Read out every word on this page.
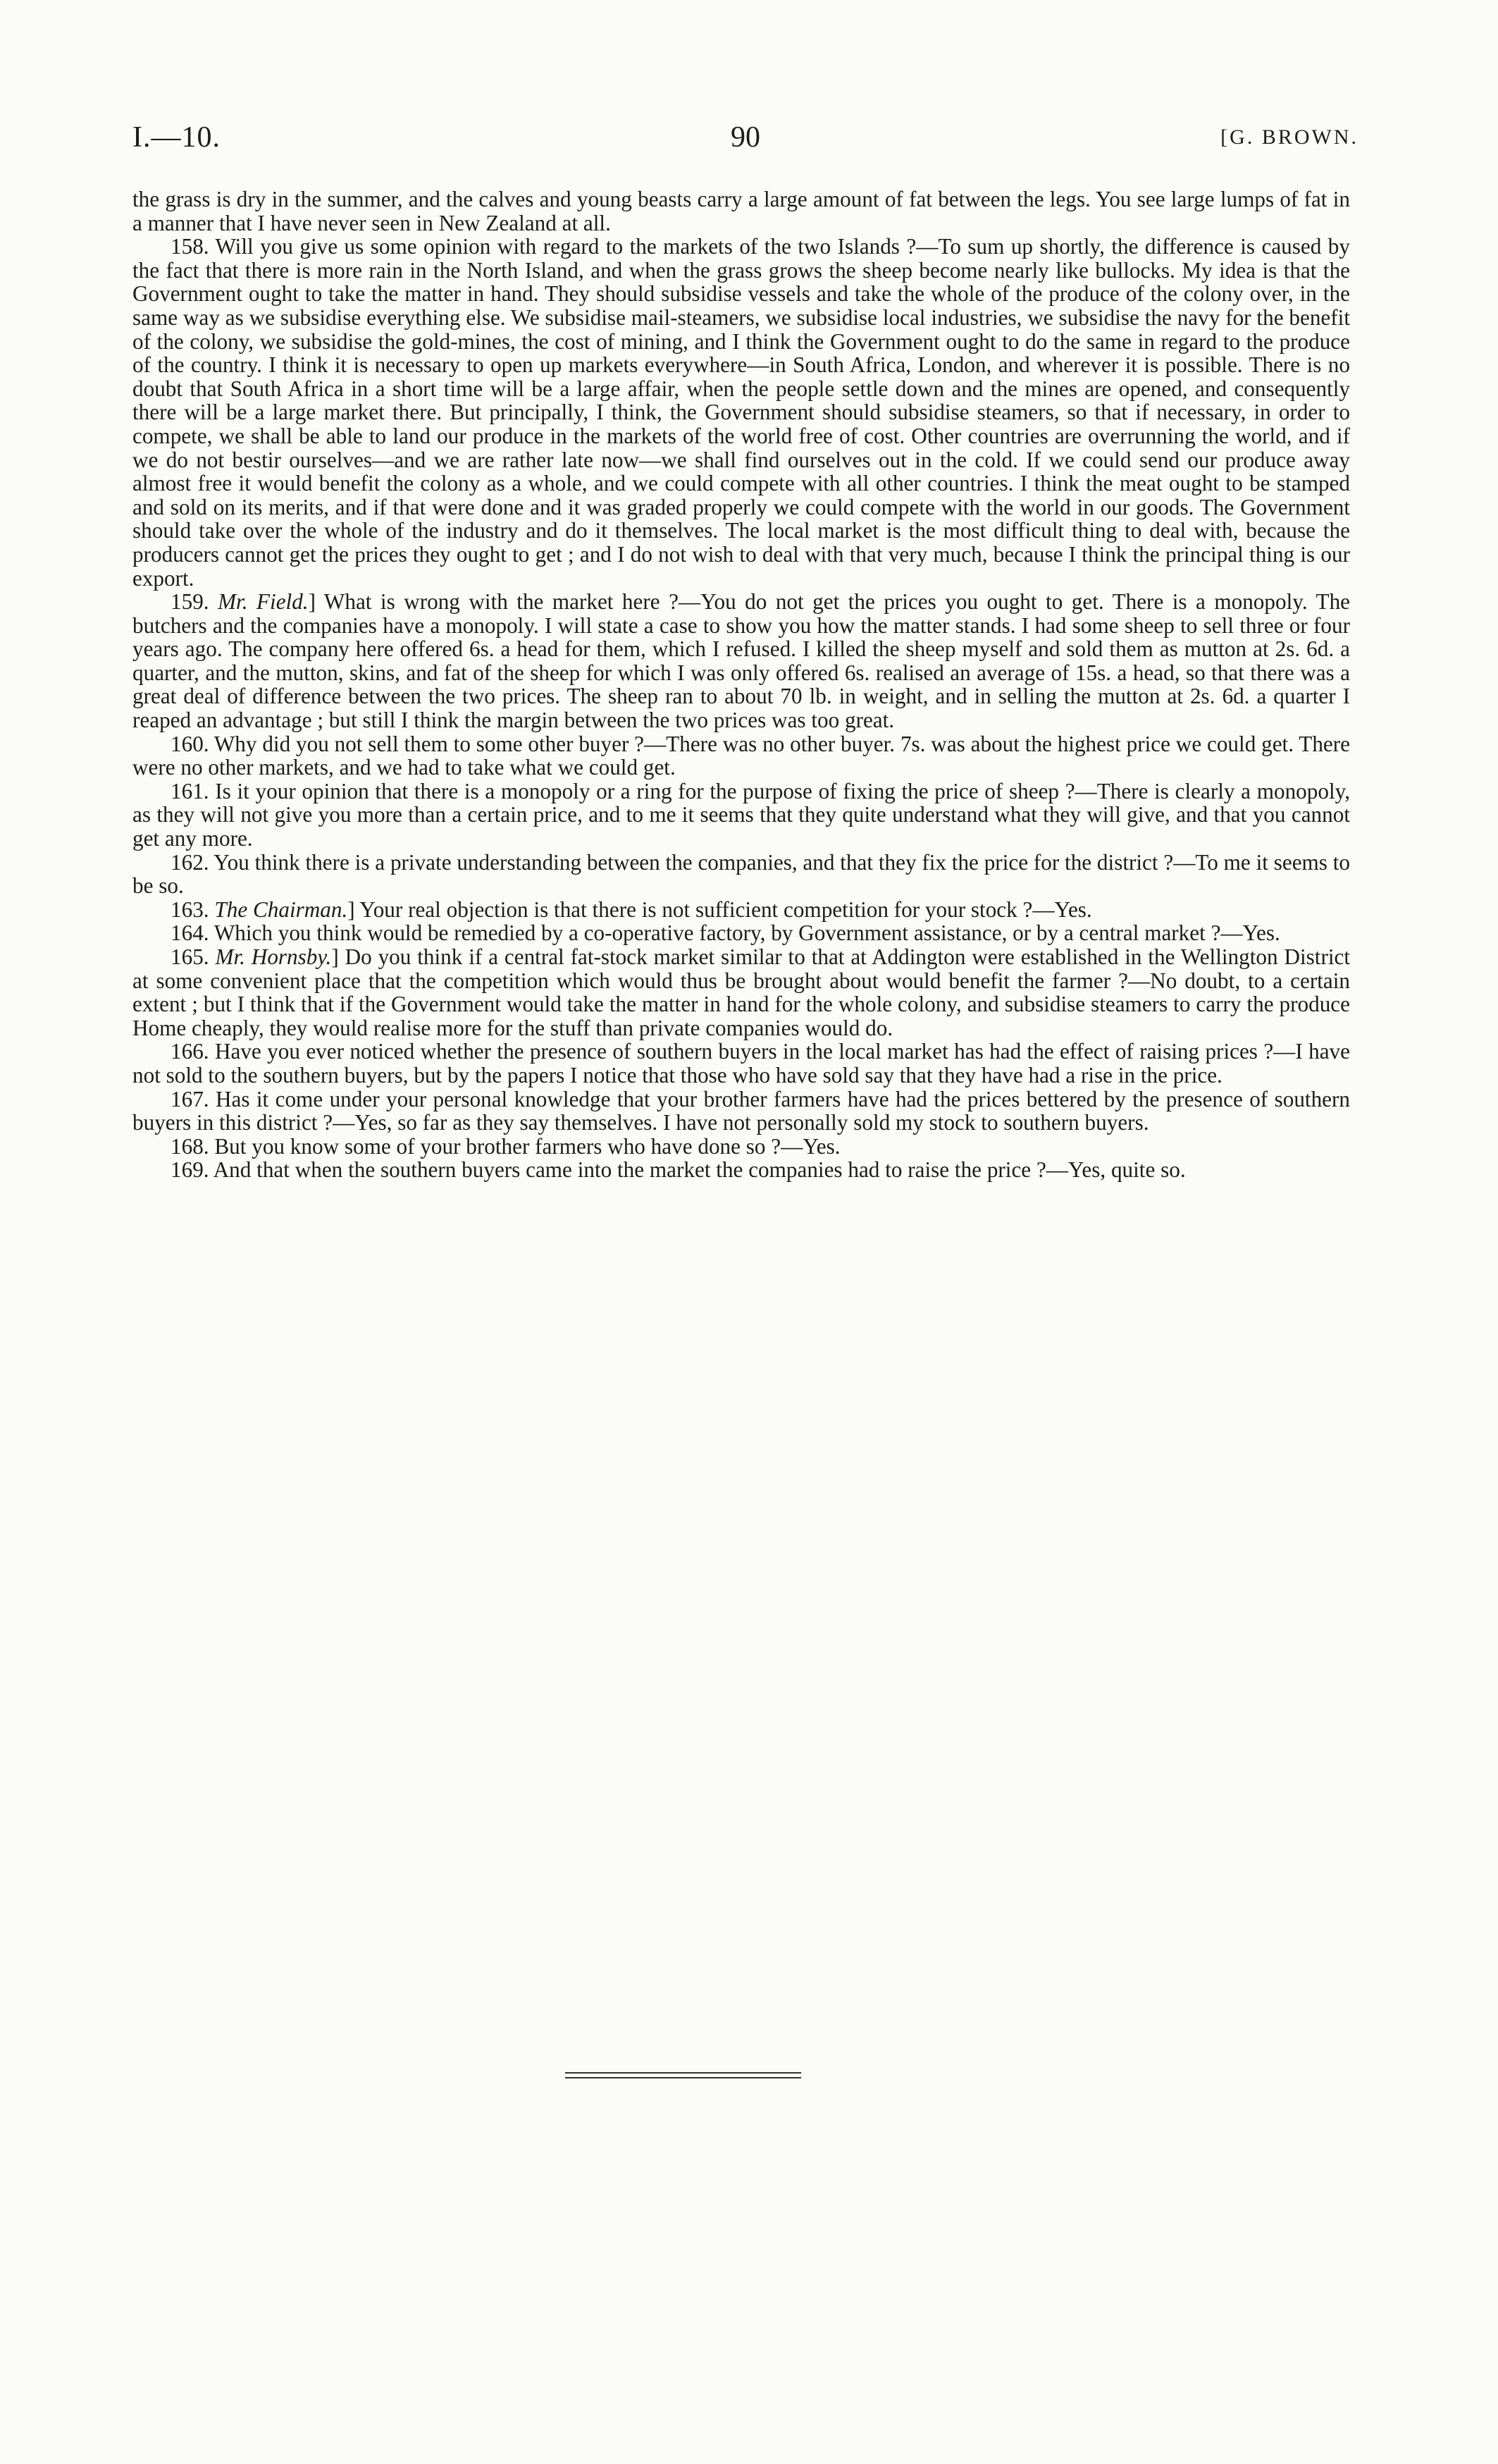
I.—10.	90	[G. BROWN.

the grass is dry in the summer, and the calves and young beasts carry a large amount of fat between the legs. You see large lumps of fat in a manner that I have never seen in New Zealand at all.

158. Will you give us some opinion with regard to the markets of the two Islands ?—To sum up shortly, the difference is caused by the fact that there is more rain in the North Island, and when the grass grows the sheep become nearly like bullocks. My idea is that the Government ought to take the matter in hand. They should subsidise vessels and take the whole of the produce of the colony over, in the same way as we subsidise everything else. We subsidise mail-steamers, we subsidise local industries, we subsidise the navy for the benefit of the colony, we subsidise the gold-mines, the cost of mining, and I think the Government ought to do the same in regard to the produce of the country. I think it is necessary to open up markets everywhere—in South Africa, London, and wherever it is possible. There is no doubt that South Africa in a short time will be a large affair, when the people settle down and the mines are opened, and consequently there will be a large market there. But principally, I think, the Government should subsidise steamers, so that if necessary, in order to compete, we shall be able to land our produce in the markets of the world free of cost. Other countries are overrunning the world, and if we do not bestir ourselves—and we are rather late now—we shall find ourselves out in the cold. If we could send our produce away almost free it would benefit the colony as a whole, and we could compete with all other countries. I think the meat ought to be stamped and sold on its merits, and if that were done and it was graded properly we could compete with the world in our goods. The Government should take over the whole of the industry and do it themselves. The local market is the most difficult thing to deal with, because the producers cannot get the prices they ought to get ; and I do not wish to deal with that very much, because I think the principal thing is our export.

159. Mr. Field.] What is wrong with the market here ?—You do not get the prices you ought to get. There is a monopoly. The butchers and the companies have a monopoly. I will state a case to show you how the matter stands. I had some sheep to sell three or four years ago. The company here offered 6s. a head for them, which I refused. I killed the sheep myself and sold them as mutton at 2s. 6d. a quarter, and the mutton, skins, and fat of the sheep for which I was only offered 6s. realised an average of 15s. a head, so that there was a great deal of difference between the two prices. The sheep ran to about 70 lb. in weight, and in selling the mutton at 2s. 6d. a quarter I reaped an advantage ; but still I think the margin between the two prices was too great.

160. Why did you not sell them to some other buyer ?—There was no other buyer. 7s. was about the highest price we could get. There were no other markets, and we had to take what we could get.

161. Is it your opinion that there is a monopoly or a ring for the purpose of fixing the price of sheep ?—There is clearly a monopoly, as they will not give you more than a certain price, and to me it seems that they quite understand what they will give, and that you cannot get any more.

162. You think there is a private understanding between the companies, and that they fix the price for the district ?—To me it seems to be so.

163. The Chairman.] Your real objection is that there is not sufficient competition for your stock ?—Yes.

164. Which you think would be remedied by a co-operative factory, by Government assistance, or by a central market ?—Yes.

165. Mr. Hornsby.] Do you think if a central fat-stock market similar to that at Addington were established in the Wellington District at some convenient place that the competition which would thus be brought about would benefit the farmer ?—No doubt, to a certain extent ; but I think that if the Government would take the matter in hand for the whole colony, and subsidise steamers to carry the produce Home cheaply, they would realise more for the stuff than private companies would do.

166. Have you ever noticed whether the presence of southern buyers in the local market has had the effect of raising prices ?—I have not sold to the southern buyers, but by the papers I notice that those who have sold say that they have had a rise in the price.

167. Has it come under your personal knowledge that your brother farmers have had the prices bettered by the presence of southern buyers in this district ?—Yes, so far as they say themselves. I have not personally sold my stock to southern buyers.

168. But you know some of your brother farmers who have done so ?—Yes.

169. And that when the southern buyers came into the market the companies had to raise the price ?—Yes, quite so.
